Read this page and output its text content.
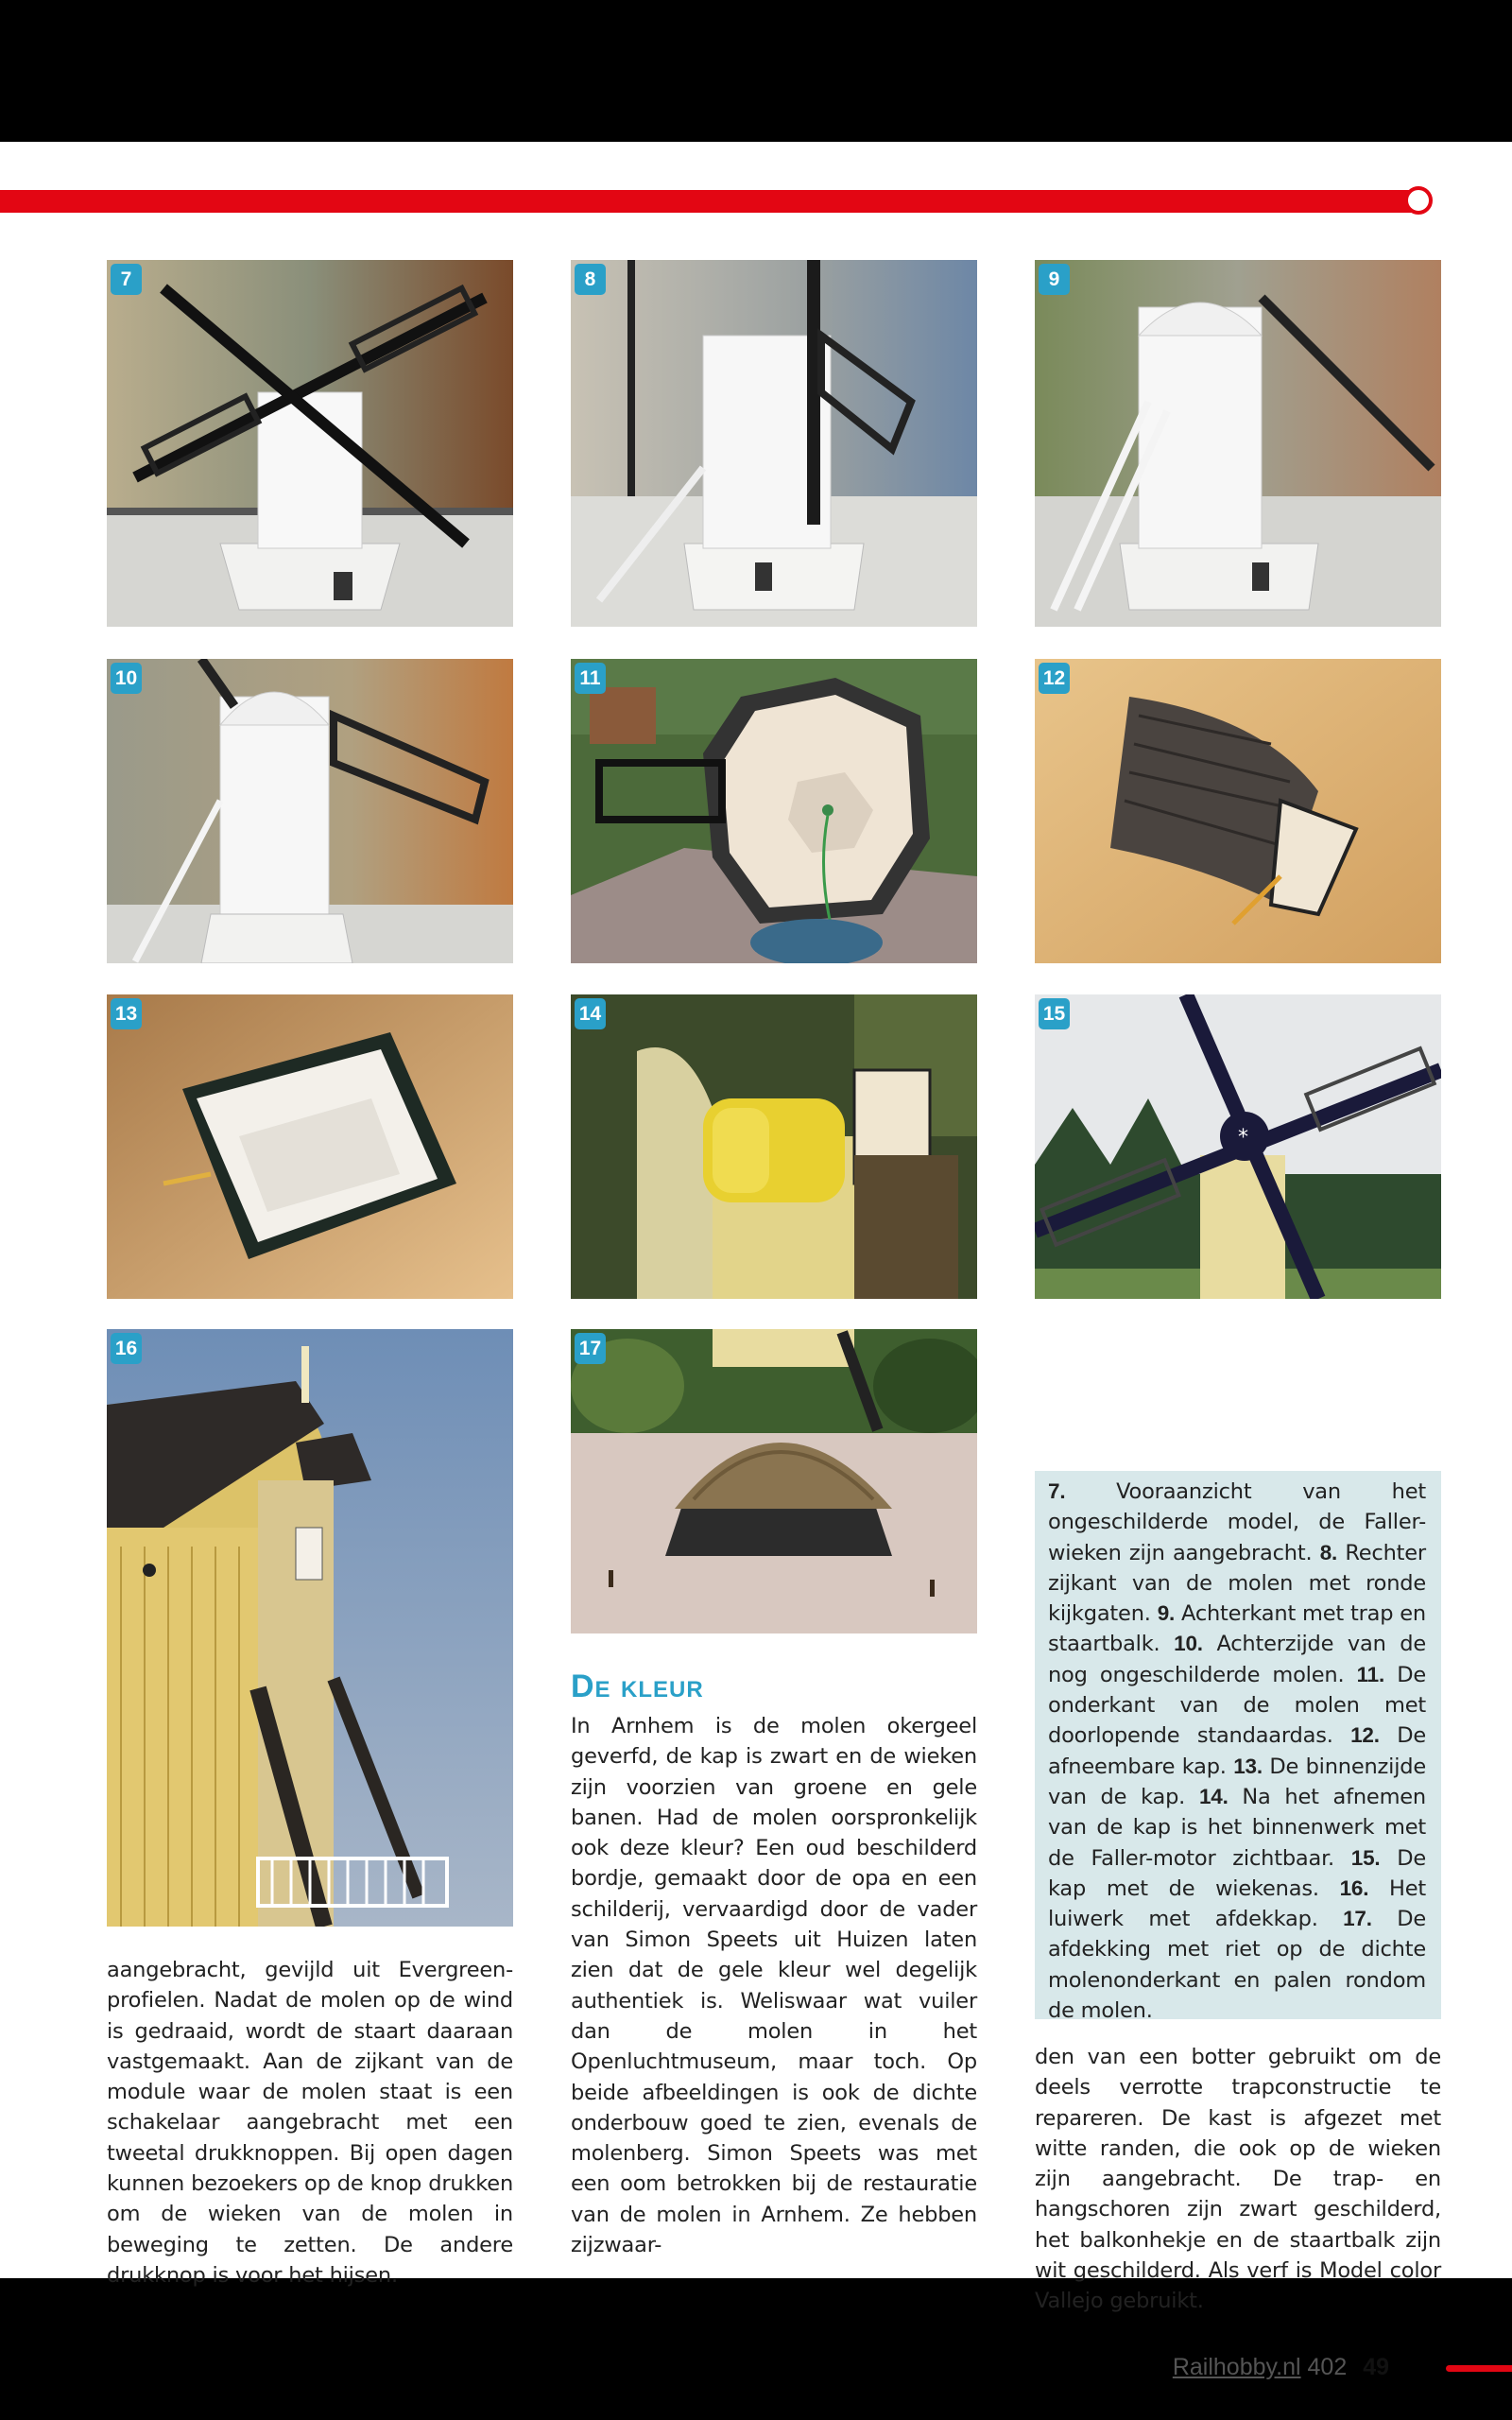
7	8	9
10	11	12
13	14
*
15
16	17
aangebracht, gevijld uit Evergreen-profielen. Nadat de molen op de wind is gedraaid, wordt de staart daaraan vastgemaakt. Aan de zijkant van de module waar de molen staat is een schakelaar aangebracht met een tweetal drukknoppen. Bij open dagen kunnen bezoekers op de knop drukken om de wieken van de molen in beweging te zetten. De andere drukknop is voor het hijsen.
De kleur
In Arnhem is de molen okergeel geverfd, de kap is zwart en de wieken zijn voorzien van groene en gele banen. Had de molen oorspronkelijk ook deze kleur? Een oud beschilderd bordje, gemaakt door de opa en een schilderij, vervaardigd door de vader van Simon Speets uit Huizen laten zien dat de gele kleur wel degelijk authentiek is. Weliswaar wat vuiler dan de molen in het Openluchtmuseum, maar toch. Op beide afbeeldingen is ook de dichte onderbouw goed te zien, evenals de molenberg. Simon Speets was met een oom betrokken bij de restauratie van de molen in Arnhem. Ze hebben zijzwaar-
7. Vooraanzicht van het ongeschilderde model, de Faller-wieken zijn aangebracht. 8. Rechter zijkant van de molen met ronde kijkgaten. 9. Achterkant met trap en staartbalk. 10. Achterzijde van de nog ongeschilderde molen. 11. De onderkant van de molen met doorlopende standaardas. 12. De afneembare kap. 13. De binnenzijde van de kap. 14. Na het afnemen van de kap is het binnenwerk met de Faller-motor zichtbaar. 15. De kap met de wiekenas. 16. Het luiwerk met afdekkap. 17. De afdekking met riet op de dichte molenonderkant en palen rondom de molen.
den van een botter gebruikt om de deels verrotte trapconstructie te repareren. De kast is afgezet met witte randen, die ook op de wieken zijn aangebracht. De trap- en hangschoren zijn zwart geschilderd, het balkonhekje en de staartbalk zijn wit geschilderd. Als verf is Model color Vallejo gebruikt.
Railhobby.nl 402 49
